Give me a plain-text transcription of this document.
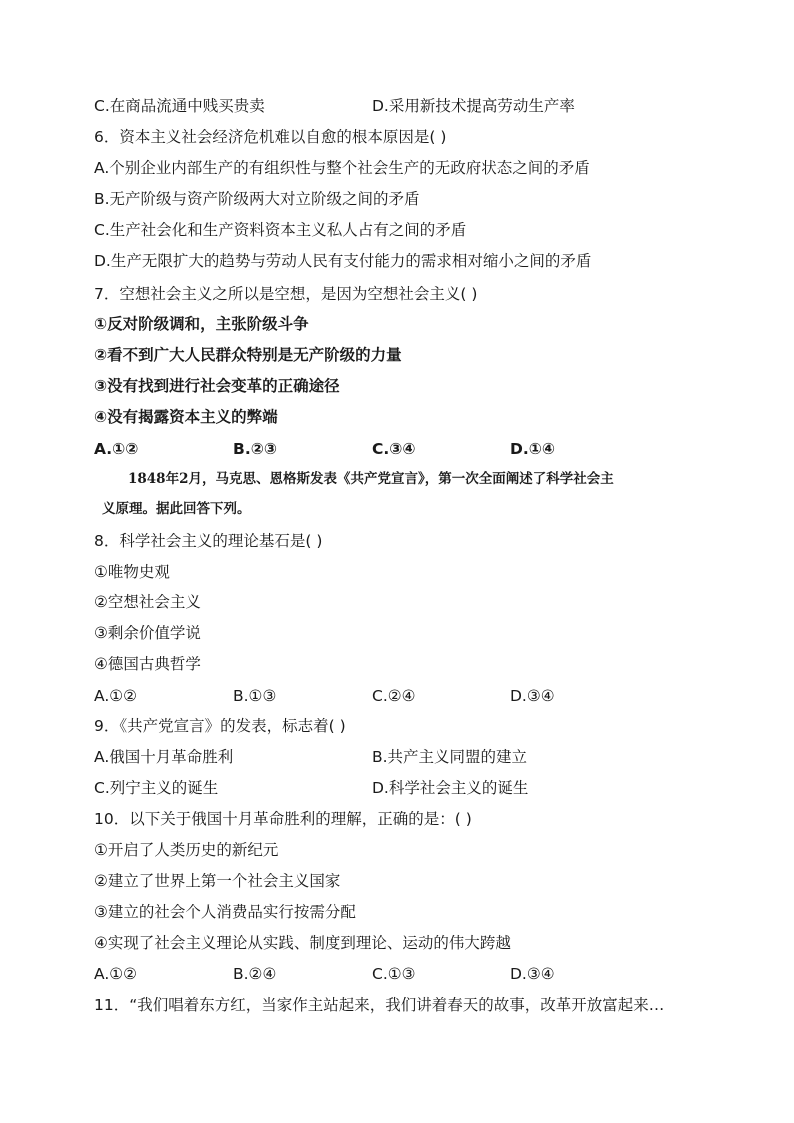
C.在商品流通中贱买贵卖	D.采用新技术提高劳动生产率
6．资本主义社会经济危机难以自愈的根本原因是( )
A.个别企业内部生产的有组织性与整个社会生产的无政府状态之间的矛盾
B.无产阶级与资产阶级两大对立阶级之间的矛盾
C.生产社会化和生产资料资本主义私人占有之间的矛盾
D.生产无限扩大的趋势与劳动人民有支付能力的需求相对缩小之间的矛盾
7．空想社会主义之所以是空想，是因为空想社会主义( )
①反对阶级调和，主张阶级斗争
②看不到广大人民群众特别是无产阶级的力量
③没有找到进行社会变革的正确途径
④没有揭露资本主义的弊端
A.①②	B.②③	C.③④	D.①④
1848年2月，马克思、恩格斯发表《共产党宣言》，第一次全面阐述了科学社会主
义原理。据此回答下列。
8．科学社会主义的理论基石是( )
①唯物史观
②空想社会主义
③剩余价值学说
④德国古典哲学
A.①②	B.①③	C.②④	D.③④
9．《共产党宣言》的发表，标志着( )
A.俄国十月革命胜利	B.共产主义同盟的建立
C.列宁主义的诞生	D.科学社会主义的诞生
10．以下关于俄国十月革命胜利的理解，正确的是：( )
①开启了人类历史的新纪元
②建立了世界上第一个社会主义国家
③建立的社会个人消费品实行按需分配
④实现了社会主义理论从实践、制度到理论、运动的伟大跨越
A.①②	B.②④	C.①③	D.③④
11．“我们唱着东方红，当家作主站起来，我们讲着春天的故事，改革开放富起来…
